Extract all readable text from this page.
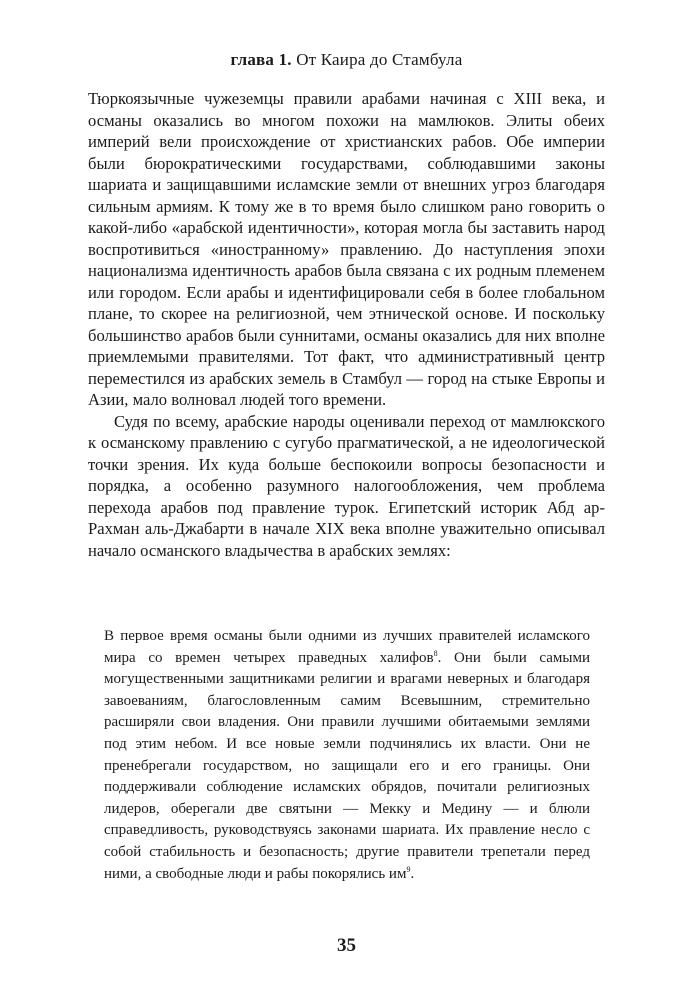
глава 1. От Каира до Стамбула

Тюркоязычные чужеземцы правили арабами начиная с XIII века, и османы оказались во многом похожи на мамлюков. Элиты обеих империй вели происхождение от христианских рабов. Обе империи были бюрократическими государствами, соблюдавшими законы шариата и защищавшими исламские земли от внешних угроз благодаря сильным армиям. К тому же в то время было слишком рано говорить о какой-либо «арабской идентичности», которая могла бы заставить народ воспротивиться «иностранному» правлению. До наступления эпохи национализма идентичность арабов была связана с их родным племенем или городом. Если арабы и идентифицировали себя в более глобальном плане, то скорее на религиозной, чем этнической основе. И поскольку большинство арабов были суннитами, османы оказались для них вполне приемлемыми правителями. Тот факт, что административный центр переместился из арабских земель в Стамбул — город на стыке Европы и Азии, мало волновал людей того времени.

Судя по всему, арабские народы оценивали переход от мамлюкского к османскому правлению с сугубо прагматической, а не идеологической точки зрения. Их куда больше беспокоили вопросы безопасности и порядка, а особенно разумного налогообложения, чем проблема перехода арабов под правление турок. Египетский историк Абд ар-Рахман аль-Джабарти в начале XIX века вполне уважительно описывал начало османского владычества в арабских землях:

В первое время османы были одними из лучших правителей исламского мира со времен четырех праведных халифов$^8$. Они были самыми могущественными защитниками религии и врагами неверных и благодаря завоеваниям, благословленным самим Всевышним, стремительно расширяли свои владения. Они правили лучшими обитаемыми землями под этим небом. И все новые земли подчинялись их власти. Они не пренебрегали государством, но защищали его и его границы. Они поддерживали соблюдение исламских обрядов, почитали религиозных лидеров, оберегали две святыни — Мекку и Медину — и блюли справедливость, руководствуясь законами шариата. Их правление несло с собой стабильность и безопасность; другие правители трепетали перед ними, а свободные люди и рабы покорялись $им^9$.

35
